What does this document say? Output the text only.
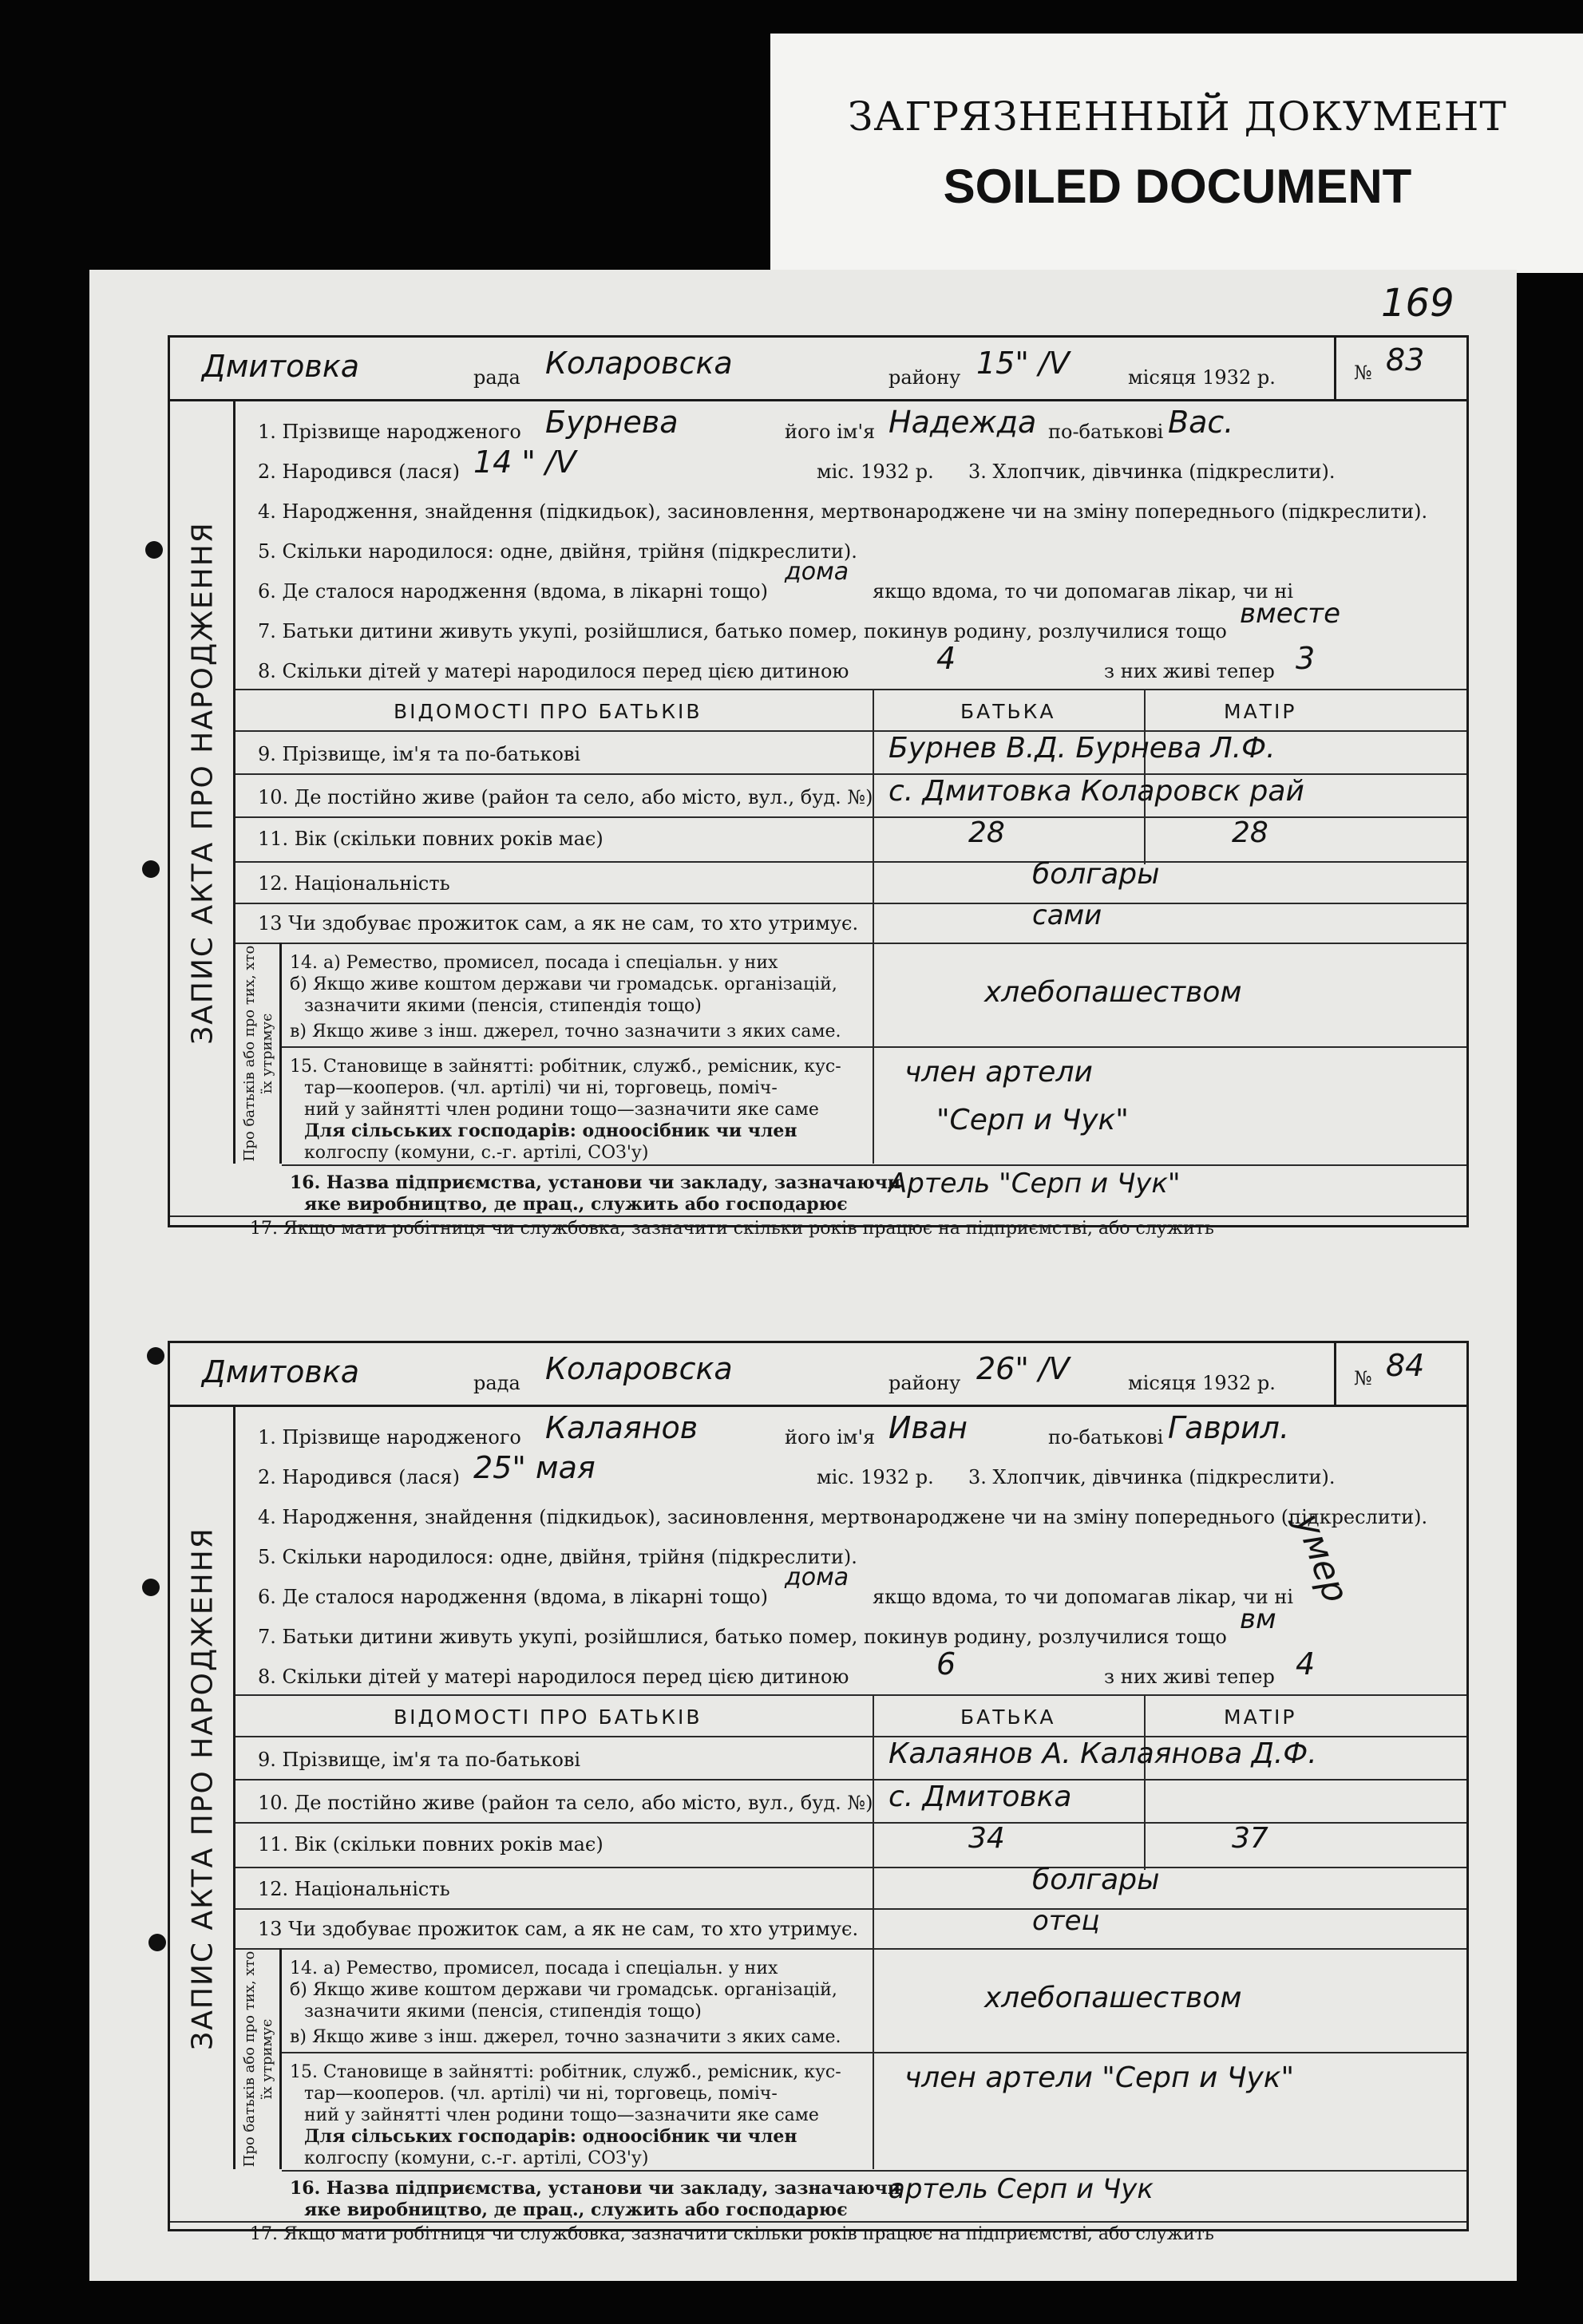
ЗАГРЯЗНЕННЫЙ ДОКУМЕНТ
SOILED DOCUMENT
169
Дмитовка	рада Коларовска	району 15" /V	місяця 1932 р.	№ 83
ЗАПИС АКТА ПРО НАРОДЖЕННЯ
1. Прізвище народженого Бурнева	його ім'я Надежда по-батькові Вас.
2. Народився (лася) 14 " /V	міс. 1932 р. 3. Хлопчик, дівчинка (підкреслити).
4. Народження, знайдення (підкидьок), засиновлення, мертвонароджене чи на зміну попереднього (підкреслити).
5. Скільки народилося: одне, двійня, трійня (підкреслити).
6. Де сталося народження (вдома, в лікарні тощо)
дома
якщо вдома, то чи допомагав лікар, чи ні
7. Батьки дитини живуть укупі, розійшлися, батько помер, покинув родину, розлучилися тощо
вместе
8. Скільки дітей у матері народилося перед цією дитиною	4	з них живі тепер 3
ВІДОМОСТІ ПРО БАТЬКІВ	БАТЬКА	МАТІР
9. Прізвище, ім'я та по-батькові	Бурнев В.Д. Бурнева Л.Ф.
10. Де постійно живе (район та село, або місто, вул., буд. №) с. Дмитовка Коларовск рай
11. Вік (скільки повних років має)	28	28
12. Національність	болгары
13 Чи здобуває прожиток сам, а як не сам, то хто утримує.	сами
Про батьків або про тих, хто
їх утримує
14. а) Ремество, промисел, посада і спеціальн. у них
б) Якщо живе коштом держави чи громадськ. організацій,
зазначити якими (пенсія, стипендія тощо)
в) Якщо живе з інш. джерел, точно зазначити з яких саме.
хлебопашеством
15. Становище в зайнятті: робітник, служб., ремісник, кус-
тар—кооперов. (чл. артілі) чи ні, торговець, поміч-
ний у зайнятті член родини тощо—зазначити яке саме
Для сільських господарів: одноосібник чи член
колгоспу (комуни, с.-г. артілі, СОЗ'у)
член артели
"Серп и Чук"
16. Назва підприємства, установи чи закладу, зазначаючи
яке виробництво, де прац., служить або господарює
Артель "Серп и Чук"
17. Якщо мати робітниця чи службовка, зазначити скільки років працює на підприємстві, або служить
Дмитовка	рада Коларовска	району 26" /V	місяця 1932 р.	№ 84
ЗАПИС АКТА ПРО НАРОДЖЕННЯ
1. Прізвище народженого Калаянов	його ім'я Иван	по-батькові Гаврил.
2. Народився (лася) 25" мая	міс. 1932 р. 3. Хлопчик, дівчинка (підкреслити).
4. Народження, знайдення (підкидьок), засиновлення, мертвонароджене чи на зміну попереднього (підкреслити).
5. Скільки народилося: одне, двійня, трійня (підкреслити).
6. Де сталося народження (вдома, в лікарні тощо)
дома
якщо вдома, то чи допомагав лікар, чи ні
7. Батьки дитини живуть укупі, розійшлися, батько помер, покинув родину, розлучилися тощо
вм
8. Скільки дітей у матері народилося перед цією дитиною	6	з них живі тепер 4
ВІДОМОСТІ ПРО БАТЬКІВ	БАТЬКА	МАТІР
9. Прізвище, ім'я та по-батькові	Калаянов А. Калаянова Д.Ф.
10. Де постійно живе (район та село, або місто, вул., буд. №) с. Дмитовка
11. Вік (скільки повних років має)	34	37
12. Національність	болгары
13 Чи здобуває прожиток сам, а як не сам, то хто утримує.	отец
Про батьків або про тих, хто
їх утримує
14. а) Ремество, промисел, посада і спеціальн. у них
б) Якщо живе коштом держави чи громадськ. організацій,
зазначити якими (пенсія, стипендія тощо)
в) Якщо живе з інш. джерел, точно зазначити з яких саме.
хлебопашеством
15. Становище в зайнятті: робітник, служб., ремісник, кус-
тар—кооперов. (чл. артілі) чи ні, торговець, поміч-
ний у зайнятті член родини тощо—зазначити яке саме
Для сільських господарів: одноосібник чи член
колгоспу (комуни, с.-г. артілі, СОЗ'у)
член артели "Серп и Чук"
16. Назва підприємства, установи чи закладу, зазначаючи
яке виробництво, де прац., служить або господарює
артель Серп и Чук
17. Якщо мати робітниця чи службовка, зазначити скільки років працює на підприємстві, або служить
умер
